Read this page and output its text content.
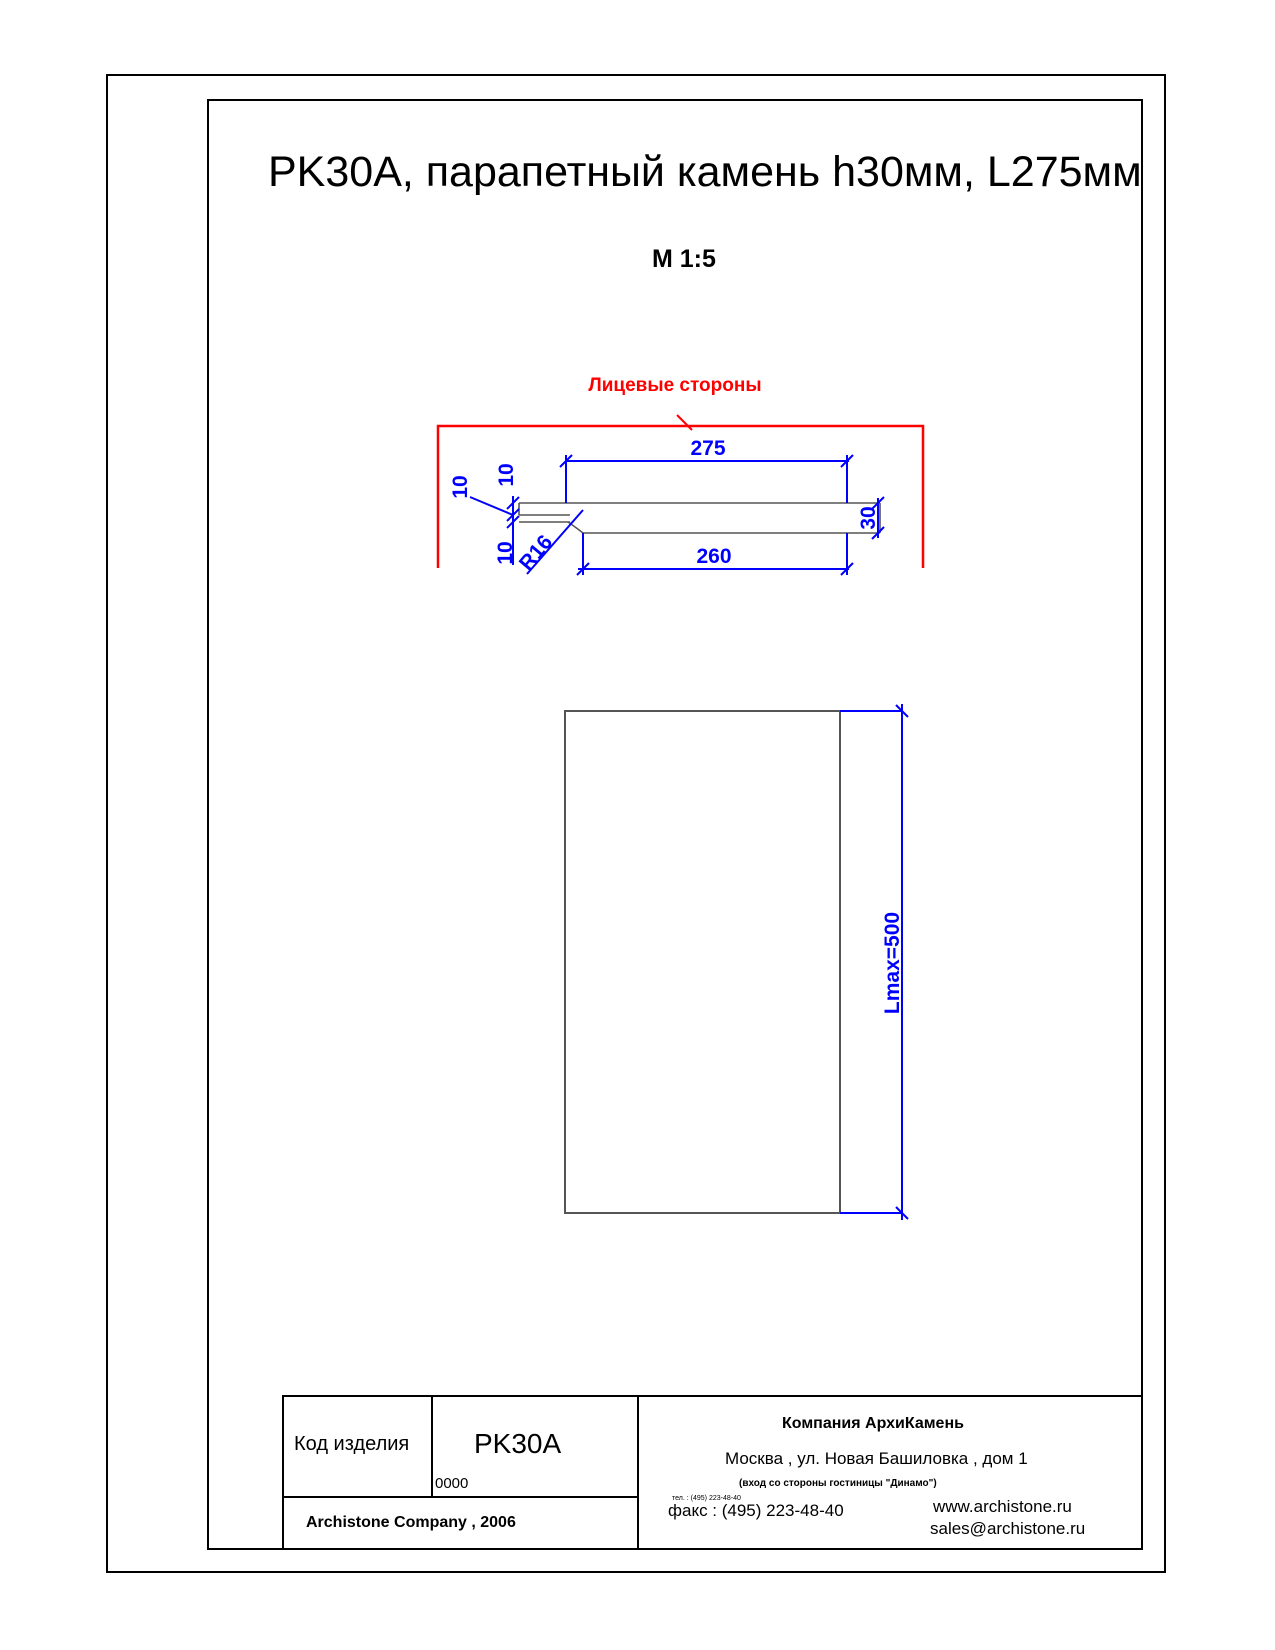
PK30A, парапетный камень h30мм, L275мм
М 1:5
Лицевые стороны
275
260
30
10
10
10
R16
Lmax=500
Код изделия PK30A
0000
Archistone Company , 2006
Компания АрхиКамень
Москва , ул. Новая Башиловка , дом 1
(вход со стороны гостиницы "Динамо")
тел. : (495) 223-48-40
факс : (495) 223-48-40	www.archistone.ru
sales@archistone.ru
